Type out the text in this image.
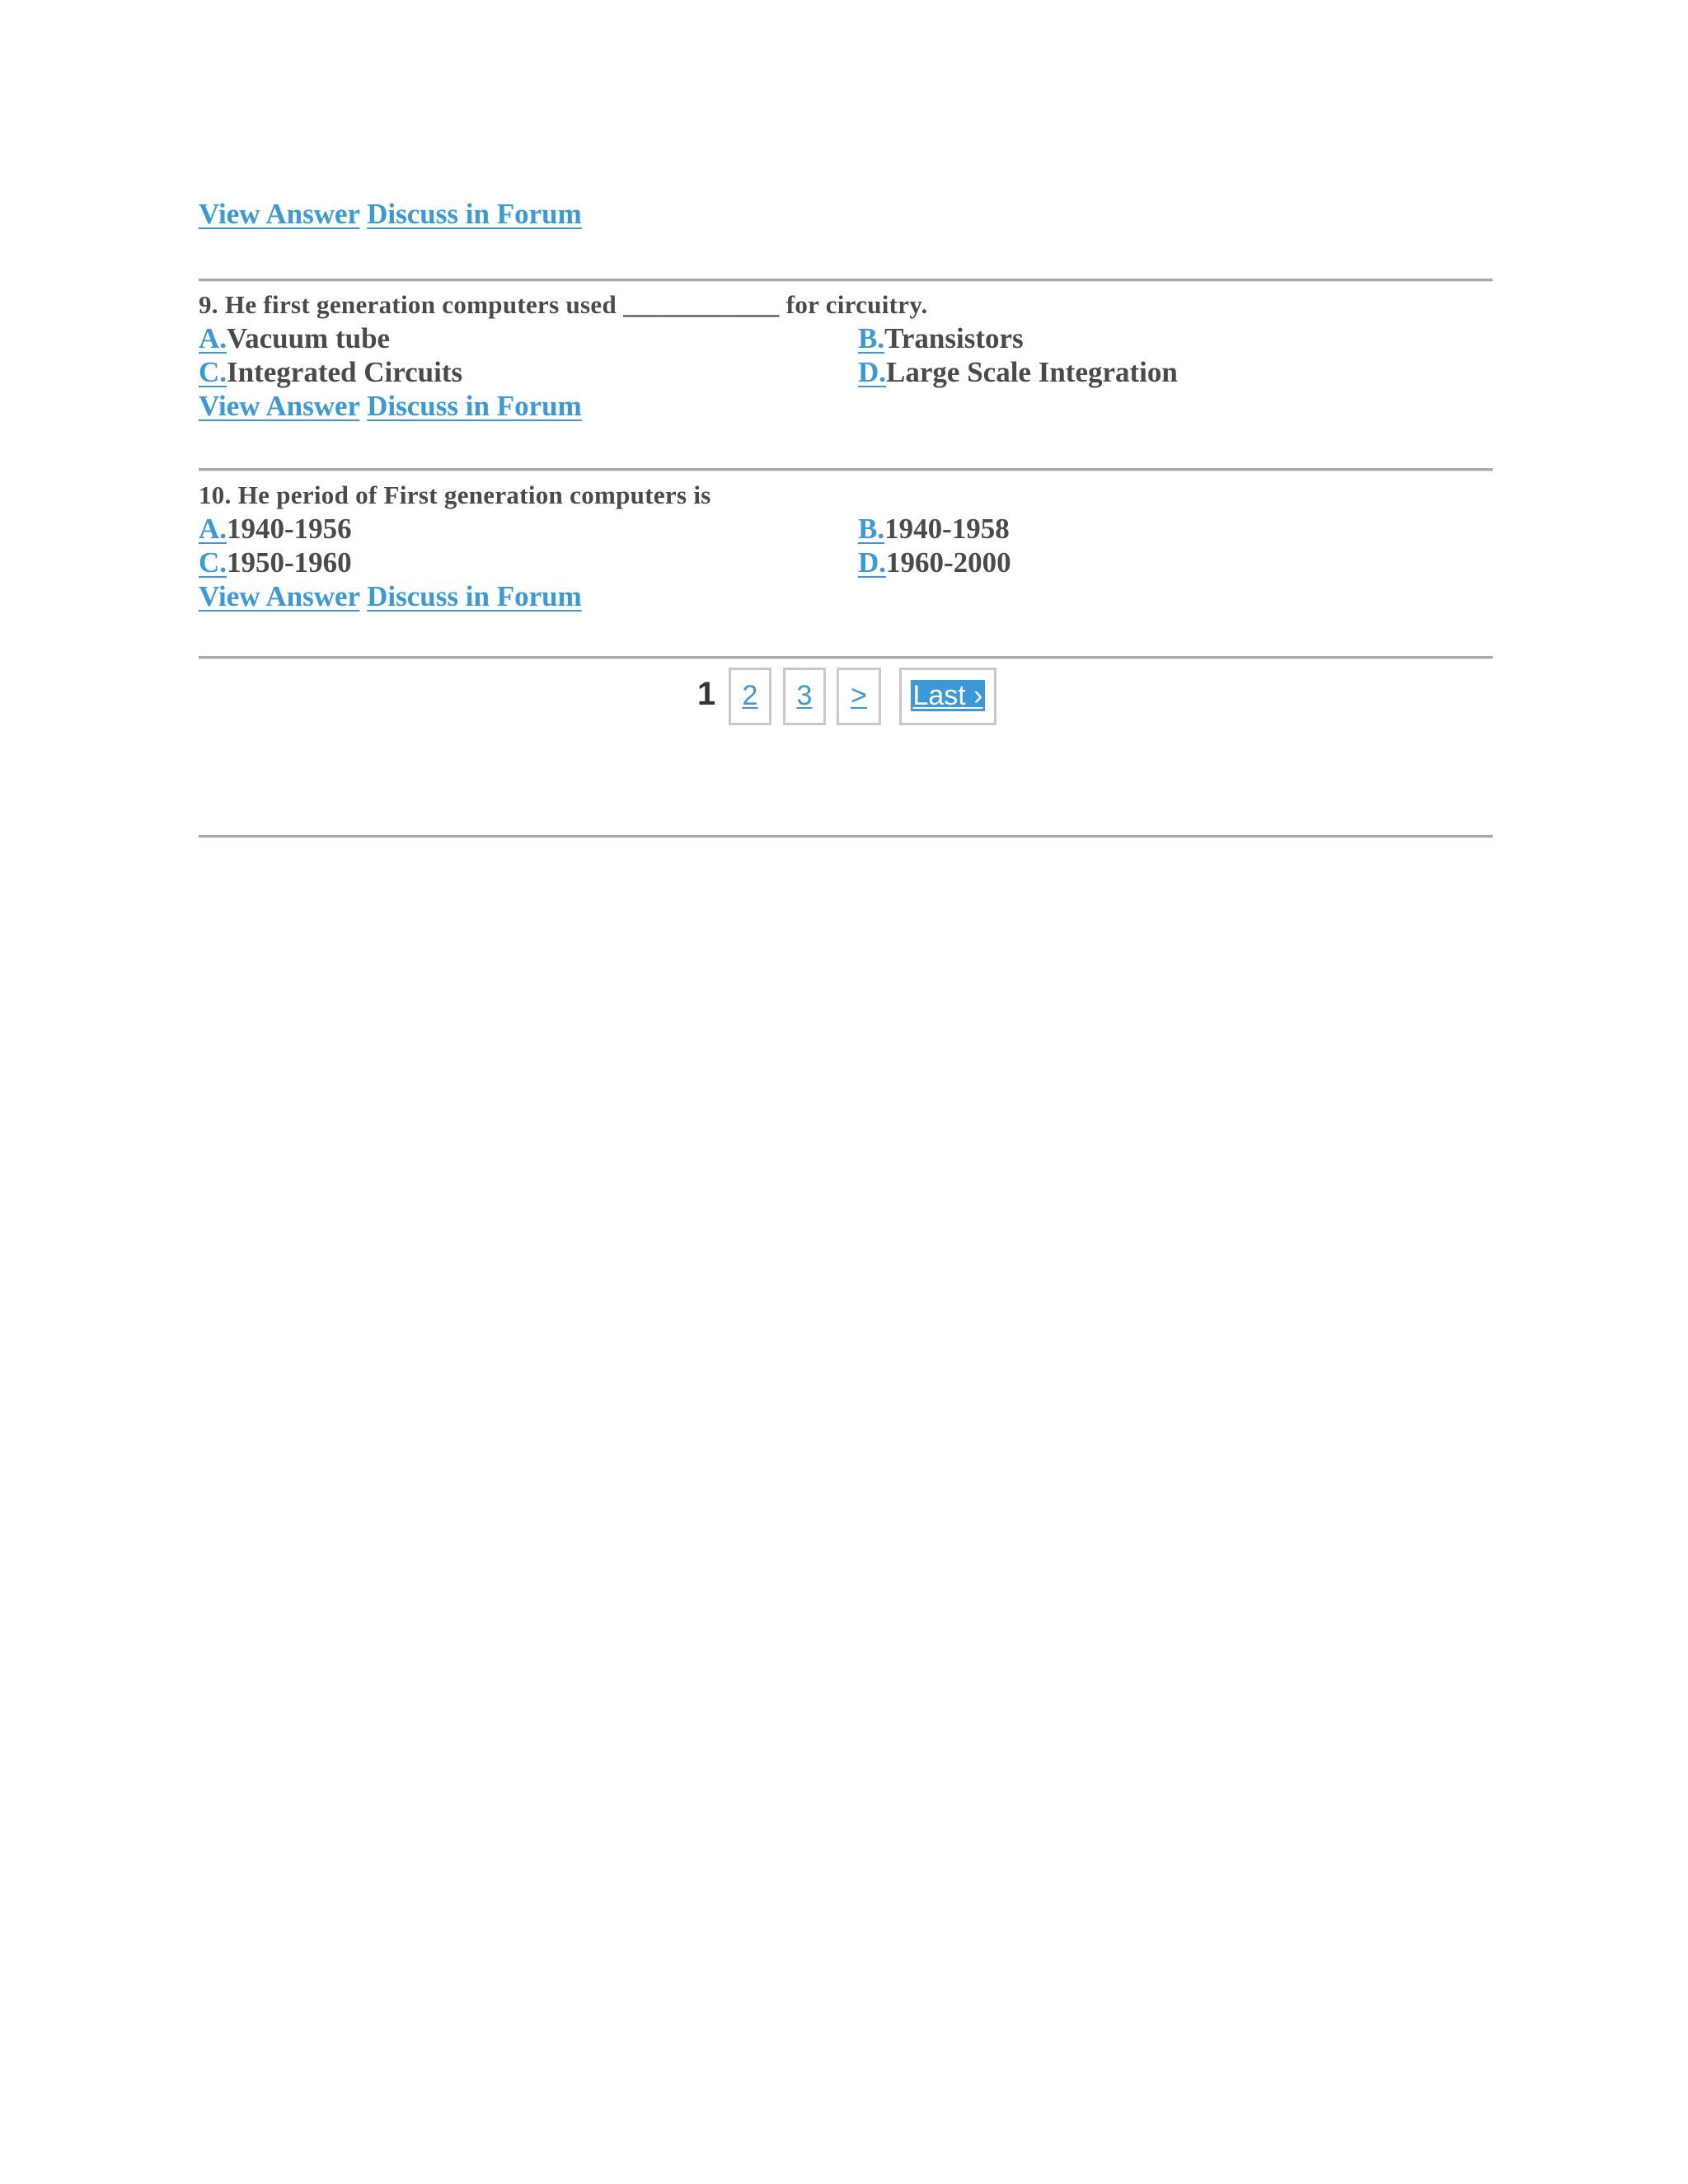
View Answer Discuss in Forum
9. He first generation computers used ____________ for circuitry.
A.Vacuum tube	B.Transistors
C.Integrated Circuits	D.Large Scale Integration
View Answer Discuss in Forum
10. He period of First generation computers is
A.1940-1956	B.1940-1958
C.1950-1960	D.1960-2000
View Answer Discuss in Forum
1 2	3	>	Last ›
